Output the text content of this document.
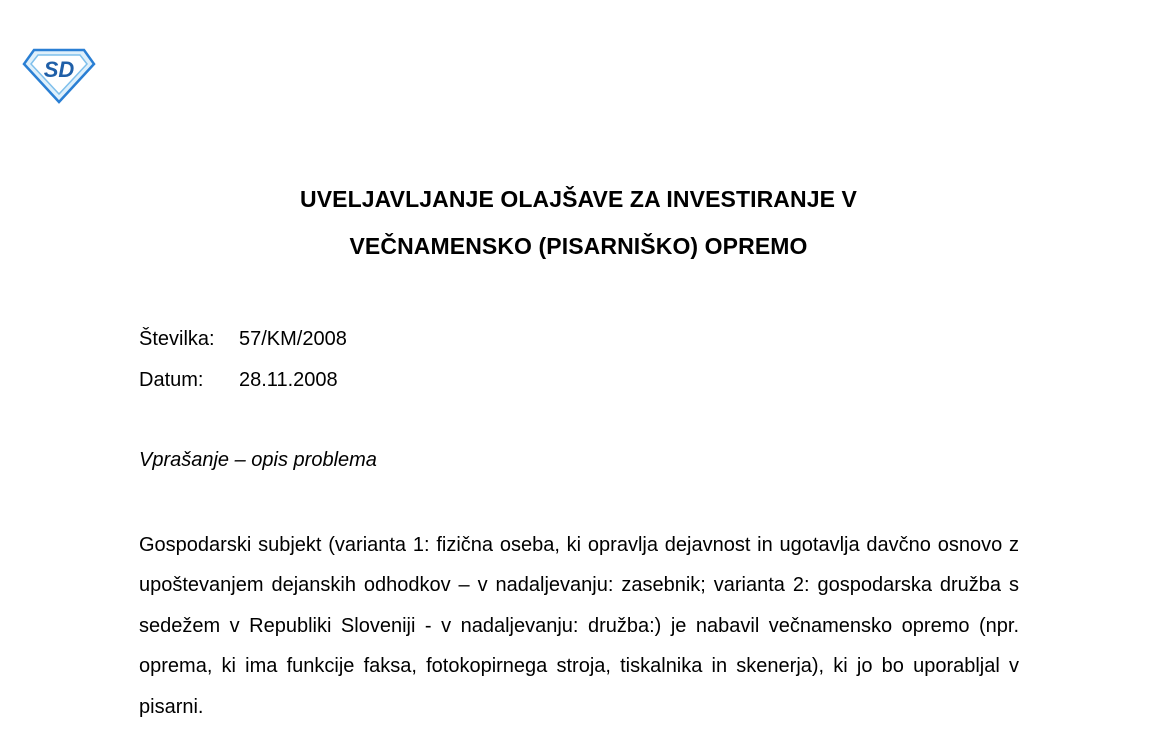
SD
UVELJAVLJANJE OLAJŠAVE ZA INVESTIRANJE V
VEČNAMENSKO (PISARNIŠKO) OPREMO
Številka: 57/KM/2008
Datum: 28.11.2008
Vprašanje – opis problema

Gospodarski subjekt (varianta 1: fizična oseba, ki opravlja dejavnost in ugotavlja davčno osnovo z upoštevanjem dejanskih odhodkov – v nadaljevanju: zasebnik; varianta 2: gospodarska družba s sedežem v Republiki Sloveniji - v nadaljevanju: družba:) je nabavil večnamensko opremo (npr. oprema, ki ima funkcije faksa, fotokopirnega stroja, tiskalnika in skenerja), ki jo bo uporabljal v pisarni.
